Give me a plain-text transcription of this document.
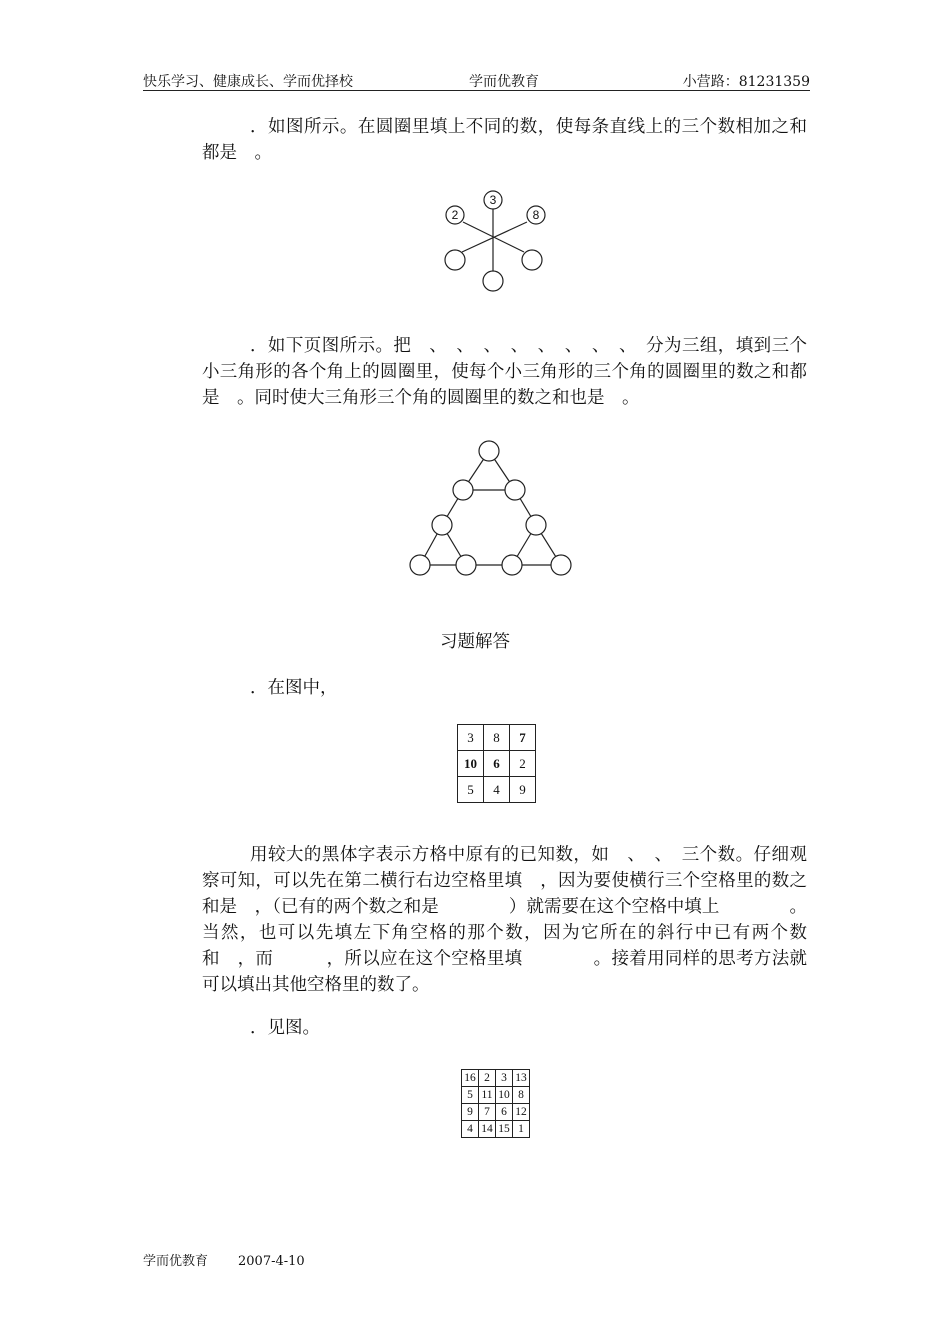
快乐学习、健康成长、学而优择校	学而优教育	小营路：81231359

．如图所示。在圆圈里填上不同的数，使每条直线上的三个数相加之和都是　。

3
2	8

．如下页图所示。把　、　、　、　、　、　、　、　、　分为三组，填到三个小三角形的各个角上的圆圈里，使每个小三角形的三个角的圆圈里的数之和都是　。同时使大三角形三个角的圆圈里的数之和也是　。

习题解答

．在图中，

3	8	7
10	6	2
5	4	9

用较大的黑体字表示方格中原有的已知数，如　、　、　三个数。仔细观察可知，可以先在第二横行右边空格里填　，因为要使横行三个空格里的数之和是　，（已有的两个数之和是　　　　）就需要在这个空格中填上　　　　。当然，也可以先填左下角空格的那个数，因为它所在的斜行中已有两个数　和　，而　　　，所以应在这个空格里填　　　　。接着用同样的思考方法就可以填出其他空格里的数了。

．见图。

16	2	3	13
5	11	10	8
9	7	6	12
4	14	15	1
学而优教育 2007-4-10
